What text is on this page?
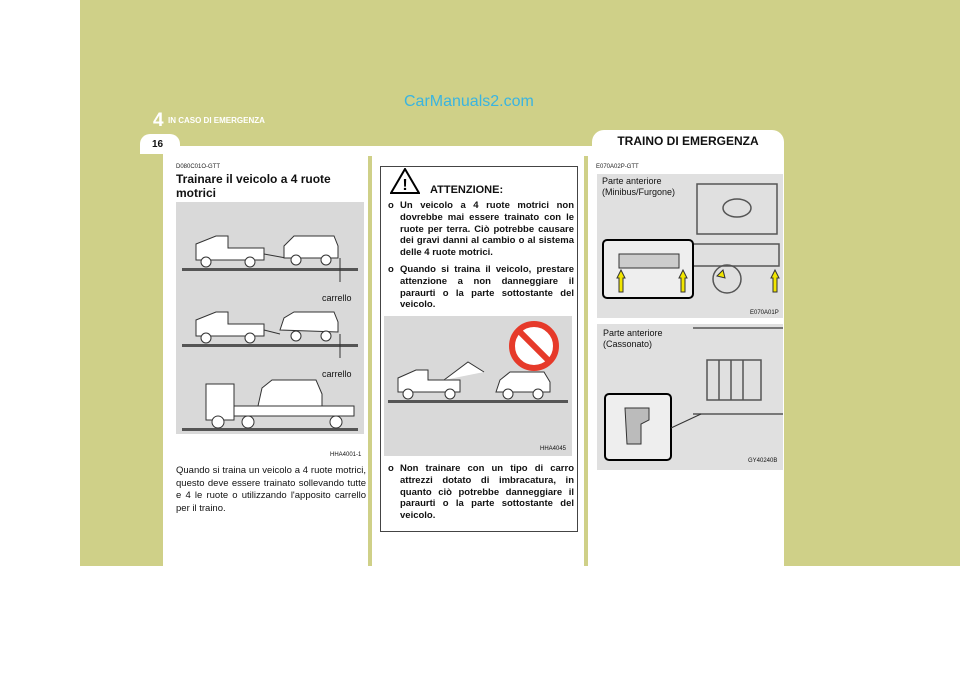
4 IN CASO DI EMERGENZA
CarManuals2.com
16	TRAINO DI EMERGENZA
D080C01O-GTT
Trainare il veicolo a 4 ruote motrici
carrello
carrello
HHA4001-1
Quando si traina un veicolo a 4 ruote motrici, questo deve essere trainato sollevando tutte e 4 le ruote o utilizzando l'apposito carrello per il traino.
! ATTENZIONE:
o Un veicolo a 4 ruote motrici non dovrebbe mai essere trainato con le ruote per terra. Ciò potrebbe causare dei gravi danni al cambio o al sistema delle 4 ruote motrici.
o Quando si traina il veicolo, prestare attenzione a non danneggiare il paraurti o la parte sottostante del veicolo.
HHA4045
o Non trainare con un tipo di carro attrezzi dotato di imbracatura, in quanto ciò potrebbe danneggiare il paraurti o la parte sottostante del veicolo.
E070A02P-GTT
Parte anteriore (Minibus/Furgone)
E070A01P
Parte anteriore (Cassonato)
GY40240B
